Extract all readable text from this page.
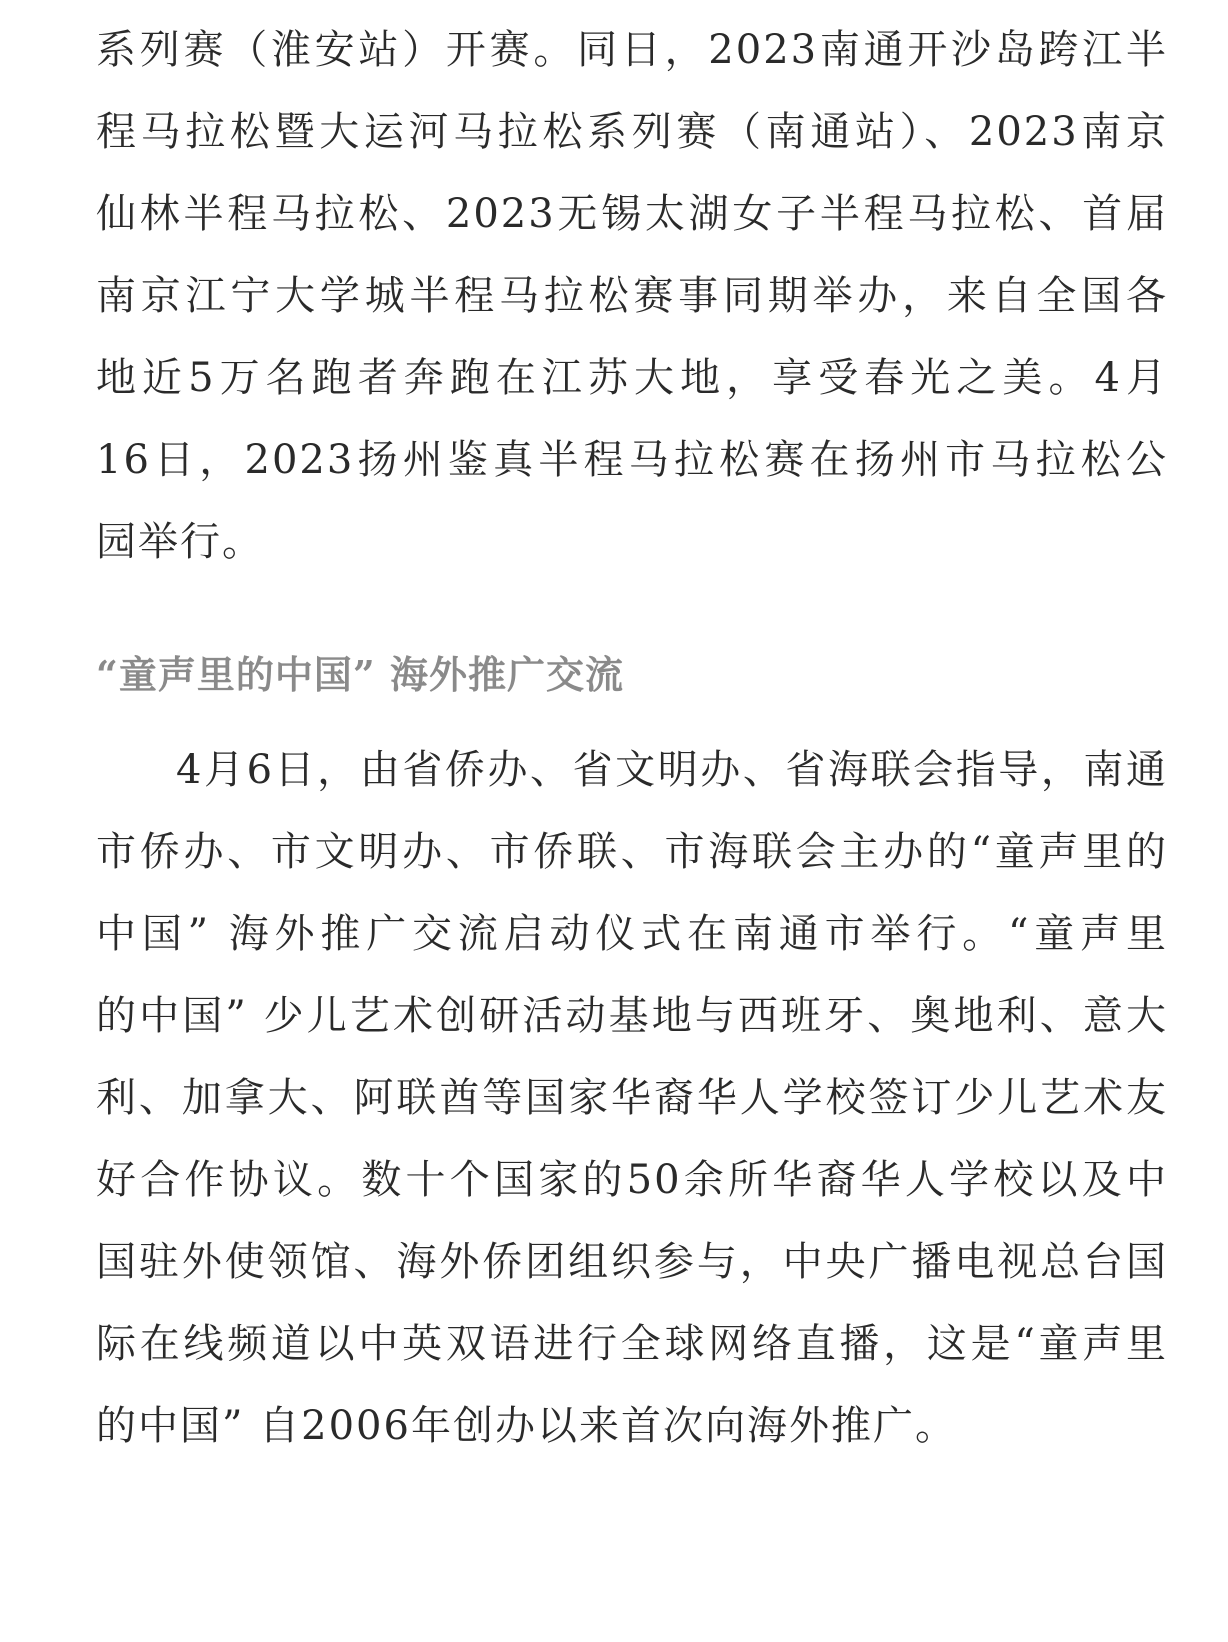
系列赛（淮安站）开赛。同日，2023南通开沙岛跨江半
程马拉松暨大运河马拉松系列赛（南通站）、2023南京
仙林半程马拉松、2023无锡太湖女子半程马拉松、首届
南京江宁大学城半程马拉松赛事同期举办，来自全国各
地近5万名跑者奔跑在江苏大地，享受春光之美。4月
16日，2023扬州鉴真半程马拉松赛在扬州市马拉松公
园举行。
“童声里的中国” 海外推广交流
4月6日，由省侨办、省文明办、省海联会指导，南通
市侨办、市文明办、市侨联、市海联会主办的“童声里的
中国” 海外推广交流启动仪式在南通市举行。“童声里
的中国” 少儿艺术创研活动基地与西班牙、奥地利、意大
利、加拿大、阿联酋等国家华裔华人学校签订少儿艺术友
好合作协议。数十个国家的50余所华裔华人学校以及中
国驻外使领馆、海外侨团组织参与，中央广播电视总台国
际在线频道以中英双语进行全球网络直播，这是“童声里
的中国” 自2006年创办以来首次向海外推广。
